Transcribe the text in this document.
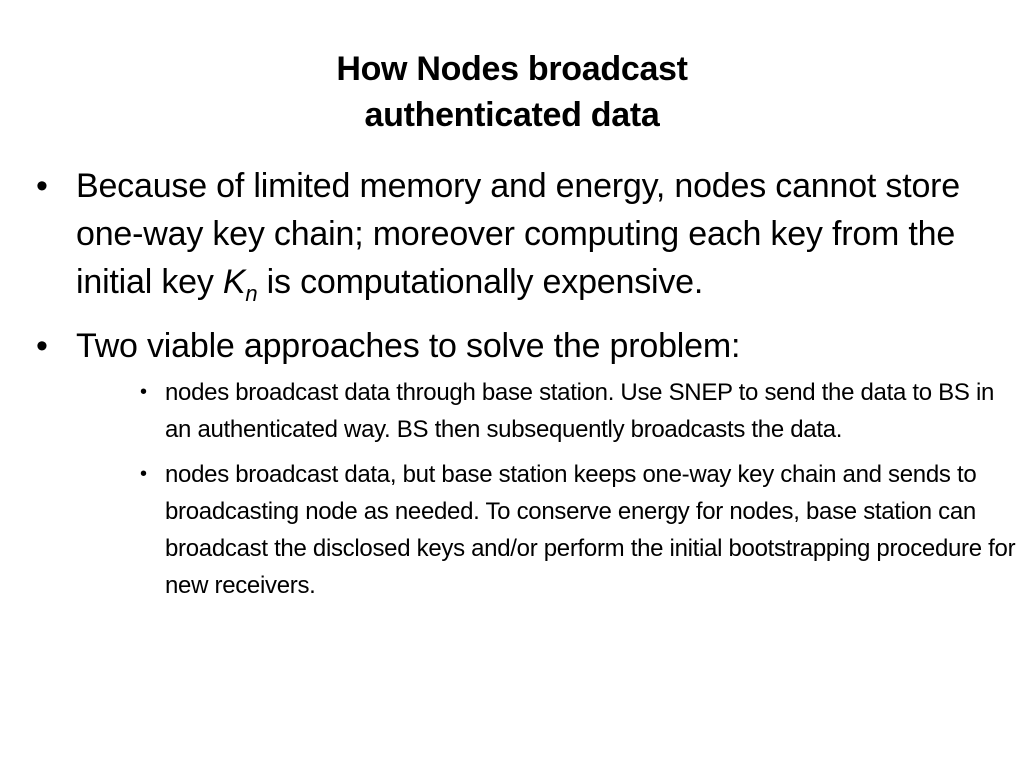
How Nodes broadcast
authenticated data
• Because of limited memory and energy, nodes cannot store one-way key chain; moreover computing each key from the initial key $K_n$ is computationally expensive.
• Two viable approaches to solve the problem:
• nodes broadcast data through base station. Use SNEP to send the data to BS in an authenticated way. BS then subsequently broadcasts the data.
• nodes broadcast data, but base station keeps one-way key chain and sends to broadcasting node as needed. To conserve energy for nodes, base station can broadcast the disclosed keys and/or perform the initial bootstrapping procedure for new receivers.
